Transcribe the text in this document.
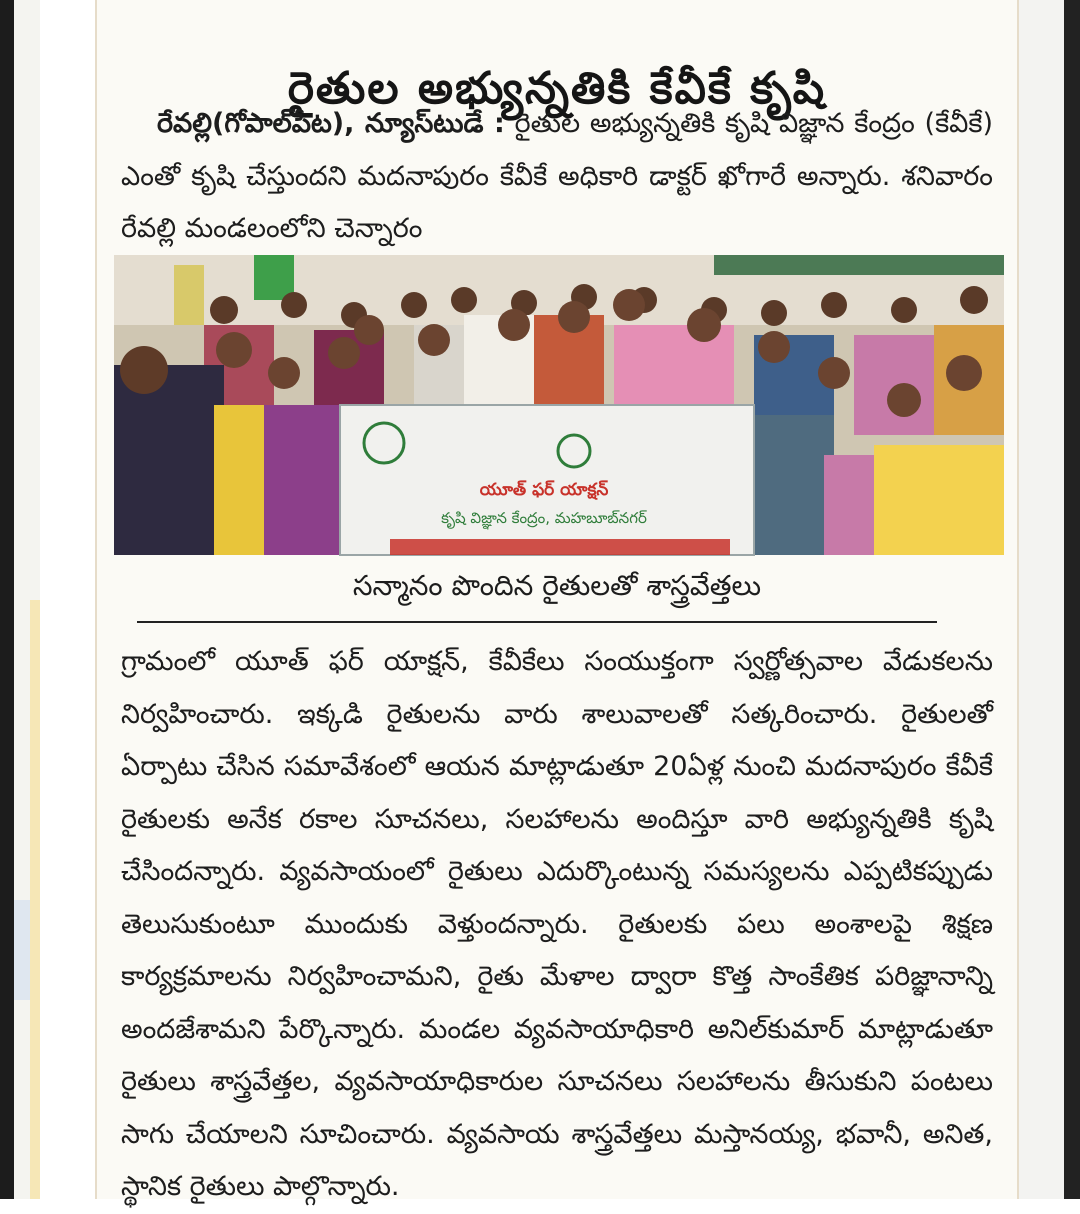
రైతుల అభ్యున్నతికి కేవీకే కృషి

రేవల్లి(గోపాల్‌పేట), న్యూస్‌టుడే : రైతుల అభ్యున్నతికి కృషి విజ్ఞాన కేంద్రం (కేవీకే) ఎంతో కృషి చేస్తుందని మదనాపురం కేవీకే అధికారి డాక్టర్ ఖోగారే అన్నారు. శనివారం రేవల్లి మండలంలోని చెన్నారం

యూత్ ఫర్ యాక్షన్
కృషి విజ్ఞాన కేంద్రం, మహబూబ్‌నగర్
సన్మానం పొందిన రైతులతో శాస్త్రవేత్తలు

గ్రామంలో యూత్ ఫర్ యాక్షన్, కేవీకేలు సంయుక్తంగా స్వర్ణోత్సవాల వేడుకలను నిర్వహించారు. ఇక్కడి రైతులను వారు శాలువాలతో సత్కరించారు. రైతులతో ఏర్పాటు చేసిన సమావేశంలో ఆయన మాట్లాడుతూ 20ఏళ్ల నుంచి మదనాపురం కేవీకే రైతులకు అనేక రకాల సూచనలు, సలహాలను అందిస్తూ వారి అభ్యున్నతికి కృషి చేసిందన్నారు. వ్యవసాయంలో రైతులు ఎదుర్కొంటున్న సమస్యలను ఎప్పటికప్పుడు తెలుసుకుంటూ ముందుకు వెళ్తుందన్నారు. రైతులకు పలు అంశాలపై శిక్షణ కార్యక్రమాలను నిర్వహించామని, రైతు మేళాల ద్వారా కొత్త సాంకేతిక పరిజ్ఞానాన్ని అందజేశామని పేర్కొన్నారు. మండల వ్యవసాయాధికారి అనిల్‌కుమార్ మాట్లాడుతూ రైతులు శాస్త్రవేత్తల, వ్యవసాయాధికారుల సూచనలు సలహాలను తీసుకుని పంటలు సాగు చేయాలని సూచించారు. వ్యవసాయ శాస్త్రవేత్తలు మస్తానయ్య, భవానీ, అనిత, స్థానిక రైతులు పాల్గొన్నారు.
